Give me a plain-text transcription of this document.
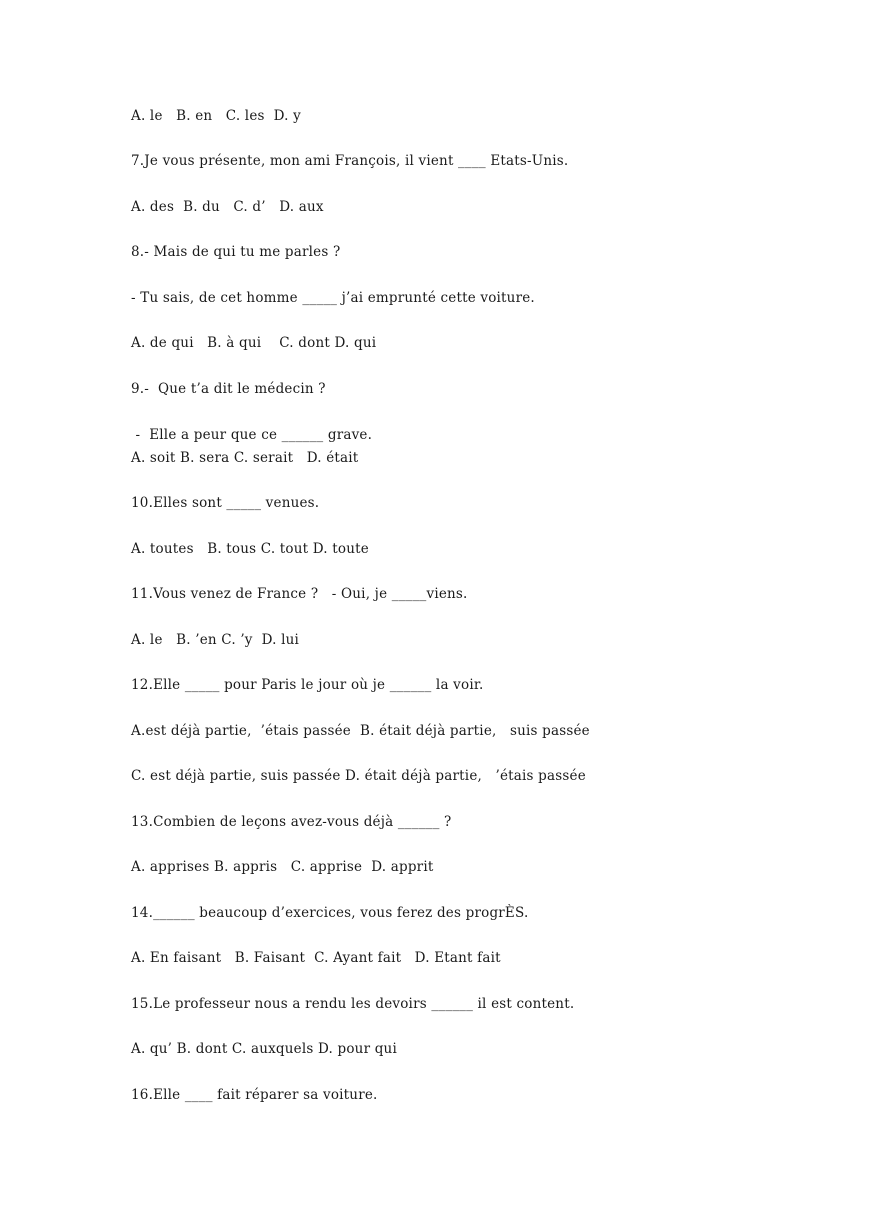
A. le   B. en   C. les  D. y
7.Je vous présente, mon ami François, il vient ____ Etats-Unis.
A. des  B. du   C. d’   D. aux
8.- Mais de qui tu me parles ?
- Tu sais, de cet homme _____ j’ai emprunté cette voiture.
A. de qui   B. à qui    C. dont D. qui
9.-  Que t’a dit le médecin ?
-  Elle a peur que ce ______ grave.
A. soit B. sera C. serait   D. était
10.Elles sont _____ venues.
A. toutes   B. tous C. tout D. toute
11.Vous venez de France ?   - Oui, je _____viens.
A. le   B. ’en C. ’y  D. lui
12.Elle _____ pour Paris le jour où je ______ la voir.
A.est déjà partie,  ’étais passée  B. était déjà partie,   suis passée
C. est déjà partie, suis passée D. était déjà partie,   ’étais passée
13.Combien de leçons avez-vous déjà ______ ?
A. apprises B. appris   C. apprise  D. apprit
14.______ beaucoup d’exercices, vous ferez des progrÈS.
A. En faisant   B. Faisant  C. Ayant fait   D. Etant fait
15.Le professeur nous a rendu les devoirs ______ il est content.
A. qu’ B. dont C. auxquels D. pour qui
16.Elle ____ fait réparer sa voiture.
